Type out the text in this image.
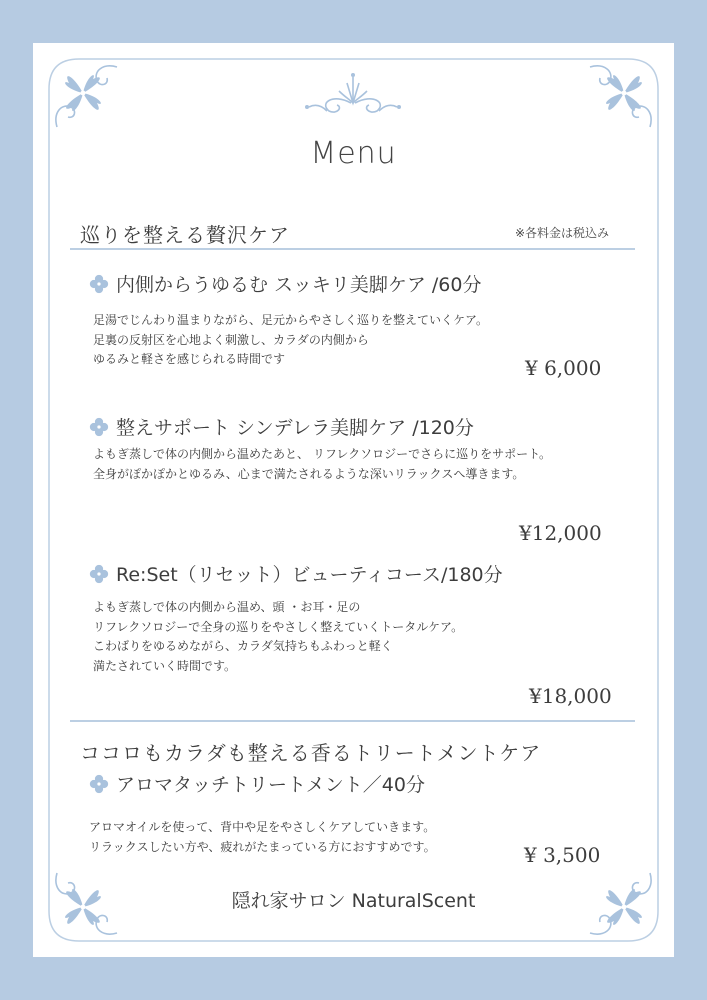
Menu
巡りを整える贅沢ケア	※各料金は税込み
内側からうゆるむ スッキリ美脚ケア /60分
足湯でじんわり温まりながら、足元からやさしく巡りを整えていくケア。
足裏の反射区を心地よく刺激し、カラダの内側から
ゆるみと軽さを感じられる時間です	¥ 6,000
整えサポート シンデレラ美脚ケア /120分
よもぎ蒸しで体の内側から温めたあと、 リフレクソロジーでさらに巡りをサポート。
全身がぽかぽかとゆるみ、心まで満たされるような深いリラックスへ導きます。
¥12,000
Re:Set（リセット）ビューティコース/180分
よもぎ蒸しで体の内側から温め、頭 ・お耳・足の
リフレクソロジーで全身の巡りをやさしく整えていくトータルケア。
こわばりをゆるめながら、カラダ気持ちもふわっと軽く
満たされていく時間です。
¥18,000
ココロもカラダも整える香るトリートメントケア
アロマタッチトリートメント／40分
アロマオイルを使って、背中や足をやさしくケアしていきます。
リラックスしたい方や、疲れがたまっている方におすすめです。	¥ 3,500
隠れ家サロン NaturalScent
